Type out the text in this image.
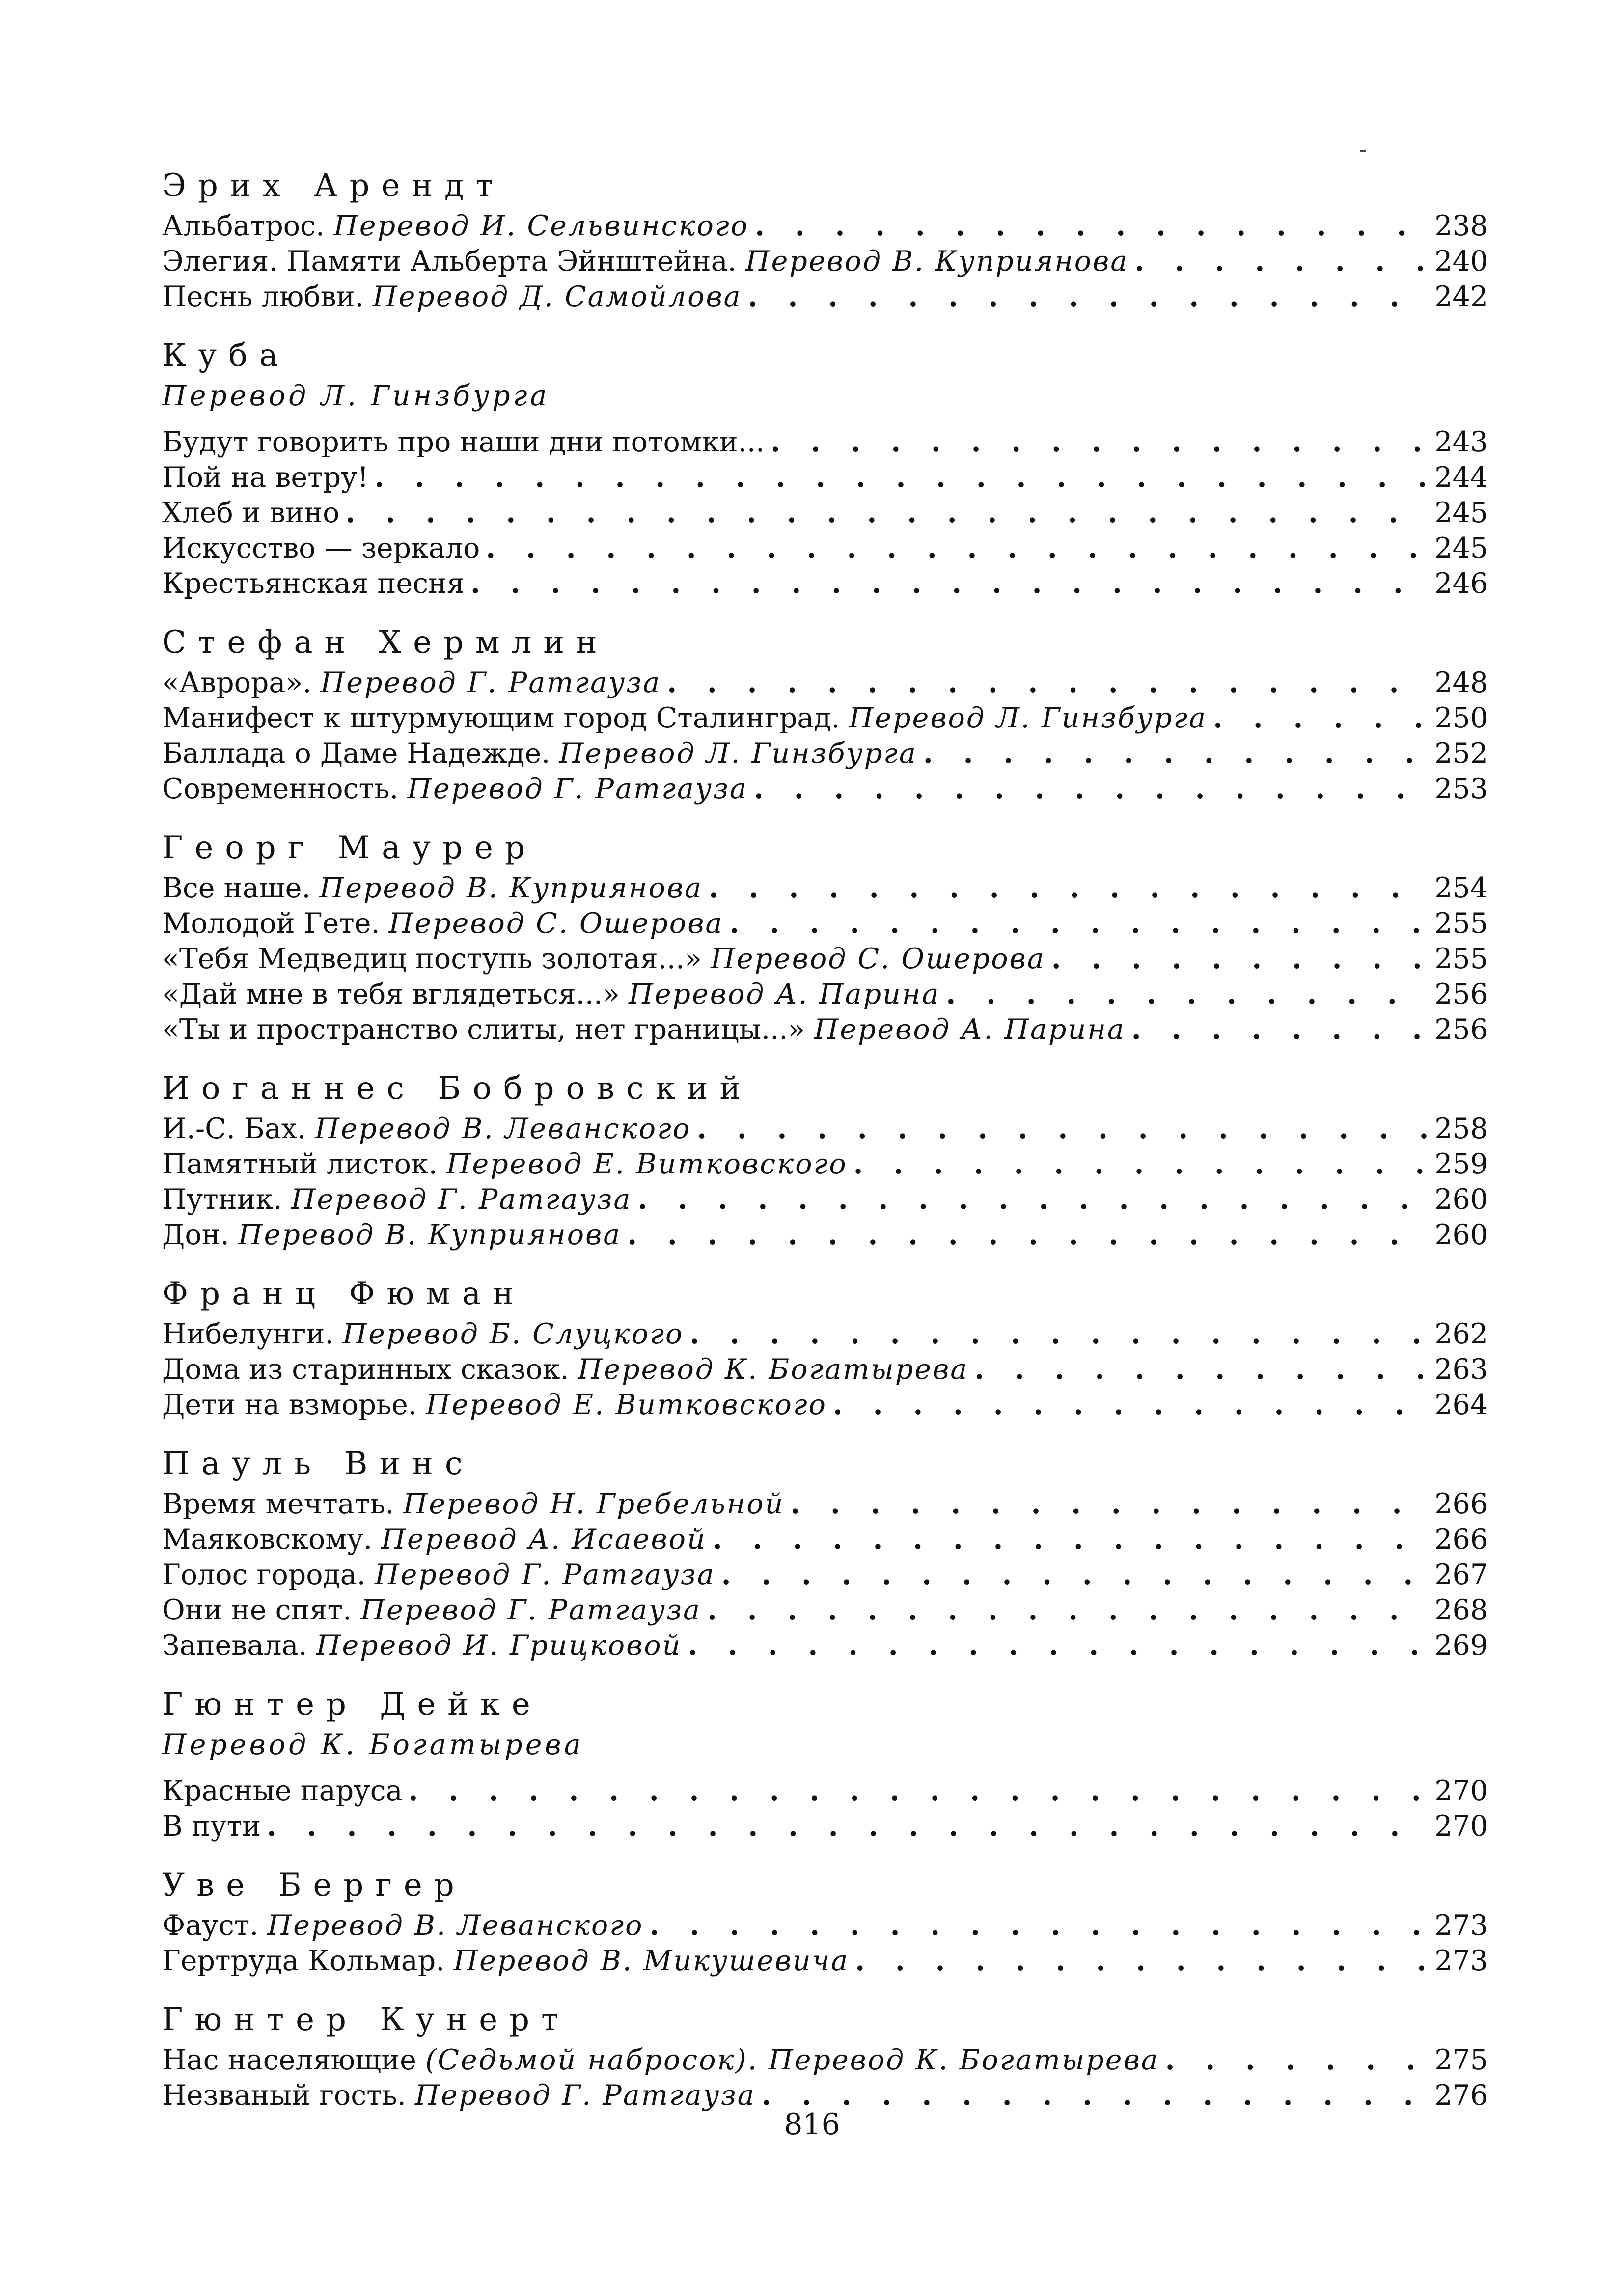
Эрих Арендт
Альбатрос. Перевод И. Сельвинского . . .	238
Элегия. Памяти Альберта Эйнштейна. Перевод В. Куприянова . . .	240
Песнь любви. Перевод Д. Самойлова . . .	242
Куба
Перевод Л. Гинзбурга
Будут говорить про наши дни потомки... . . .	243
Пой на ветру! . . .	244
Хлеб и вино . . .	245
Искусство — зеркало . . .	245
Крестьянская песня . . .	246
Стефан Хермлин
«Аврора». Перевод Г. Ратгауза . . .	248
Манифест к штурмующим город Сталинград. Перевод Л. Гинзбурга . . .	250
Баллада о Даме Надежде. Перевод Л. Гинзбурга . . .	252
Современность. Перевод Г. Ратгауза . . .	253
Георг Маурер
Все наше. Перевод В. Куприянова . . .	254
Молодой Гете. Перевод С. Ошерова . . .	255
«Тебя Медведиц поступь золотая...» Перевод С. Ошерова . . .	255
«Дай мне в тебя вглядеться...» Перевод А. Парина . . .	256
«Ты и пространство слиты, нет границы...» Перевод А. Парина . . .	256
Иоганнес Бобровский
И.-С. Бах. Перевод В. Леванского . . .	258
Памятный листок. Перевод Е. Витковского . . .	259
Путник. Перевод Г. Ратгауза . . .	260
Дон. Перевод В. Куприянова . . .	260
Франц Фюман
Нибелунги. Перевод Б. Слуцкого . . .	262
Дома из старинных сказок. Перевод К. Богатырева . . .	263
Дети на взморье. Перевод Е. Витковского . . .	264
Пауль Винс
Время мечтать. Перевод Н. Гребельной . . .	266
Маяковскому. Перевод А. Исаевой . . .	266
Голос города. Перевод Г. Ратгауза . . .	267
Они не спят. Перевод Г. Ратгауза . . .	268
Запевала. Перевод И. Грицковой . . .	269
Гюнтер Дейке
Перевод К. Богатырева
Красные паруса . . .	270
В пути . . .	270
Уве Бергер
Фауст. Перевод В. Леванского . . .	273
Гертруда Кольмар. Перевод В. Микушевича . . .	273
Гюнтер Кунерт
Нас населяющие (Седьмой набросок). Перевод К. Богатырева . . .	275
Незваный гость. Перевод Г. Ратгауза . . .	276
816
